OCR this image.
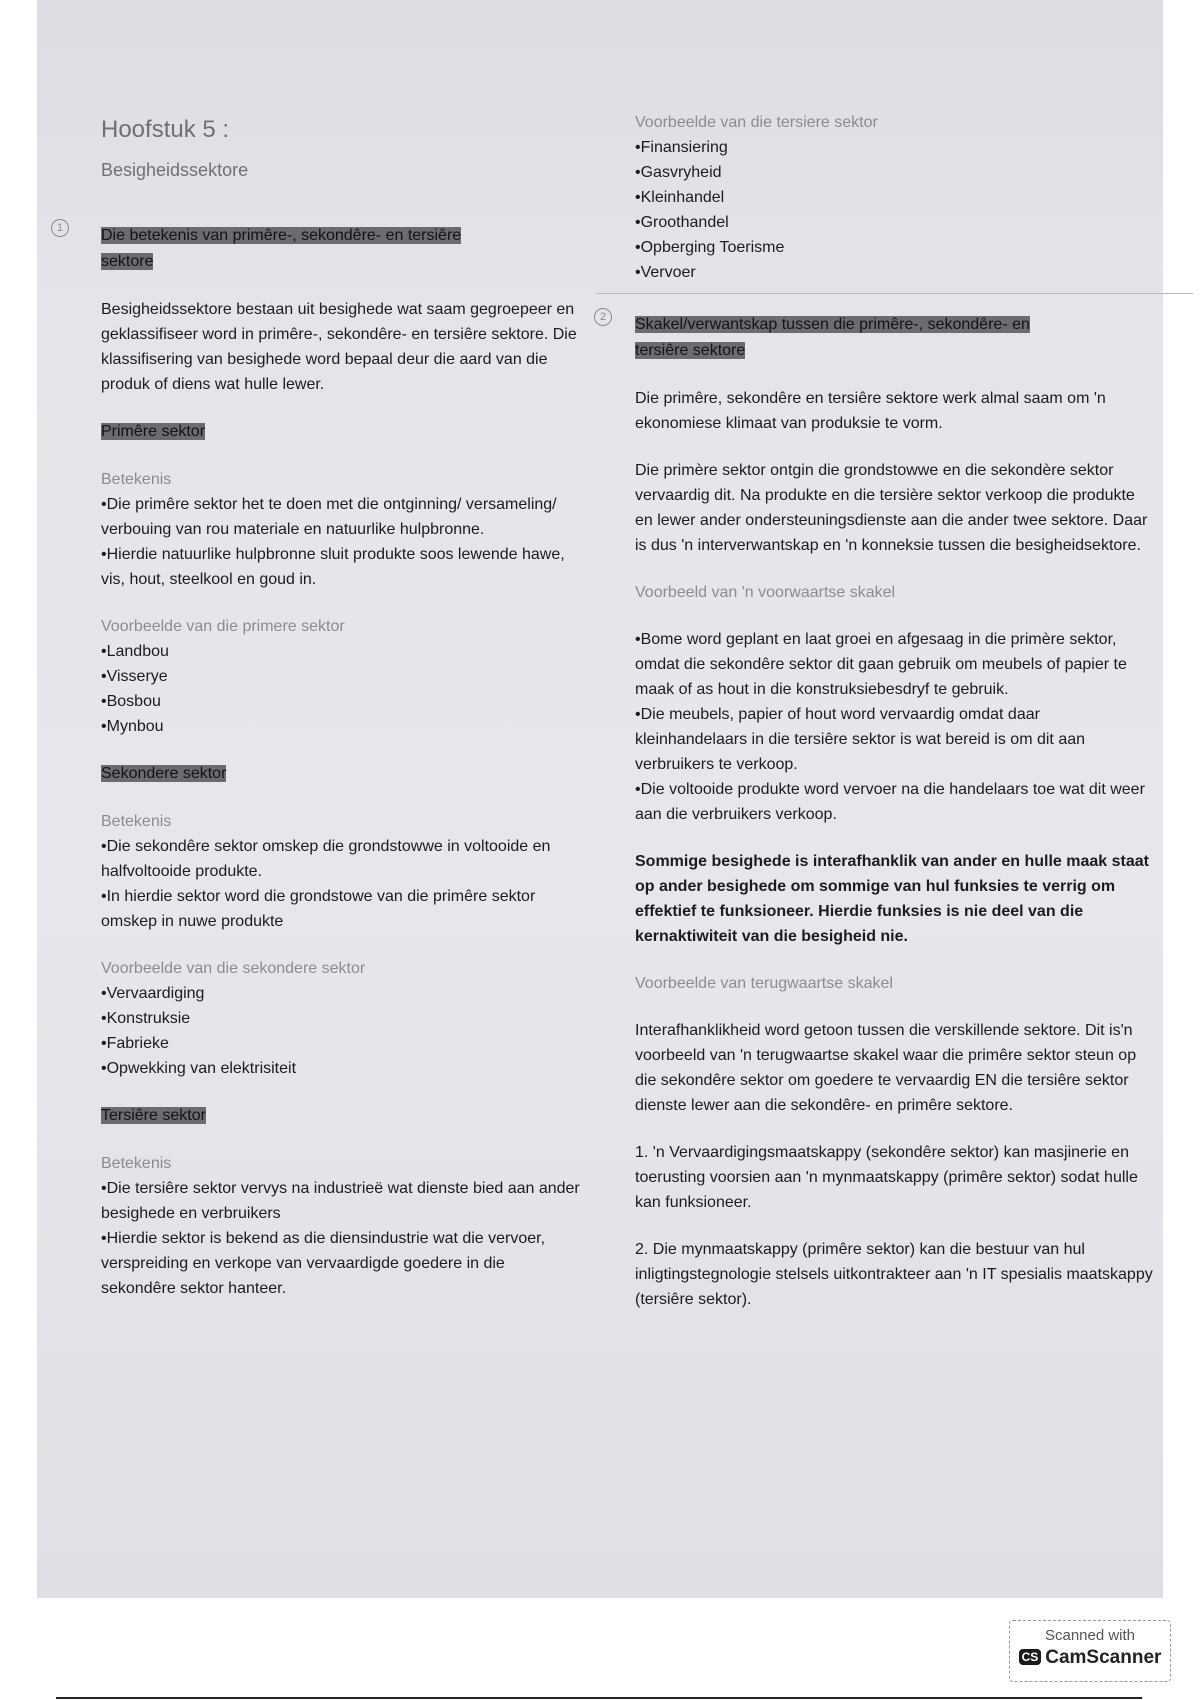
1
2
Hoofstuk 5 :
Besigheidssektore
Die betekenis van primêre-, sekondêre- en tersiêre
sektore

Besigheidssektore bestaan uit besighede wat saam gegroepeer en geklassifiseer word in primêre-, sekondêre- en tersiêre sektore. Die klassifisering van besighede word bepaal deur die aard van die produk of diens wat hulle lewer.

Primêre sektor

Betekenis

• Die primêre sektor het te doen met die ontginning/ versameling/ verbouing van rou materiale en natuurlike hulpbronne.
• Hierdie natuurlike hulpbronne sluit produkte soos lewende hawe, vis, hout, steelkool en goud in.

Voorbeelde van die primere sektor

• Landbou
• Visserye
• Bosbou
• Mynbou
Sekondere sektor

Betekenis

• Die sekondêre sektor omskep die grondstowwe in voltooide en halfvoltooide produkte.
• In hierdie sektor word die grondstowe van die primêre sektor omskep in nuwe produkte

Voorbeelde van die sekondere sektor

• Vervaardiging
• Konstruksie
• Fabrieke
• Opwekking van elektrisiteit
Tersiêre sektor

Betekenis

• Die tersiêre sektor vervys na industrieë wat dienste bied aan ander besighede en verbruikers
• Hierdie sektor is bekend as die diensindustrie wat die vervoer, verspreiding en verkope van vervaardigde goedere in die sekondêre sektor hanteer.

Voorbeelde van die tersiere sektor

• Finansiering
• Gasvryheid
• Kleinhandel
• Groothandel
• Opberging Toerisme
• Vervoer
Skakel/verwantskap tussen die primêre-, sekondêre- en
tersiêre sektore

Die primêre, sekondêre en tersiêre sektore werk almal saam om 'n ekonomiese klimaat van produksie te vorm.

Die primère sektor ontgin die grondstowwe en die sekondère sektor vervaardig dit. Na produkte en die tersière sektor verkoop die produkte en lewer ander ondersteuningsdienste aan die ander twee sektore. Daar is dus 'n interverwantskap en 'n konneksie tussen die besigheidsektore.

Voorbeeld van 'n voorwaartse skakel

• Bome word geplant en laat groei en afgesaag in die primère sektor, omdat die sekondêre sektor dit gaan gebruik om meubels of papier te maak of as hout in die konstruksiebesdryf te gebruik.
• Die meubels, papier of hout word vervaardig omdat daar kleinhandelaars in die tersiêre sektor is wat bereid is om dit aan verbruikers te verkoop.
• Die voltooide produkte word vervoer na die handelaars toe wat dit weer aan die verbruikers verkoop.

Sommige besighede is interafhanklik van ander en hulle maak staat op ander besighede om sommige van hul funksies te verrig om effektief te funksioneer. Hierdie funksies is nie deel van die kernaktiwiteit van die besigheid nie.

Voorbeelde van terugwaartse skakel

Interafhanklikheid word getoon tussen die verskillende sektore. Dit is'n voorbeeld van 'n terugwaartse skakel waar die primêre sektor steun op die sekondêre sektor om goedere te vervaardig EN die tersiêre sektor dienste lewer aan die sekondêre- en primêre sektore.

1. 'n Vervaardigingsmaatskappy (sekondêre sektor) kan masjinerie en toerusting voorsien aan 'n mynmaatskappy (primêre sektor) sodat hulle kan funksioneer.

2. Die mynmaatskappy (primêre sektor) kan die bestuur van hul inligtingstegnologie stelsels uitkontrakteer aan 'n IT spesialis maatskappy (tersiêre sektor).

Scanned with
CS CamScanner
